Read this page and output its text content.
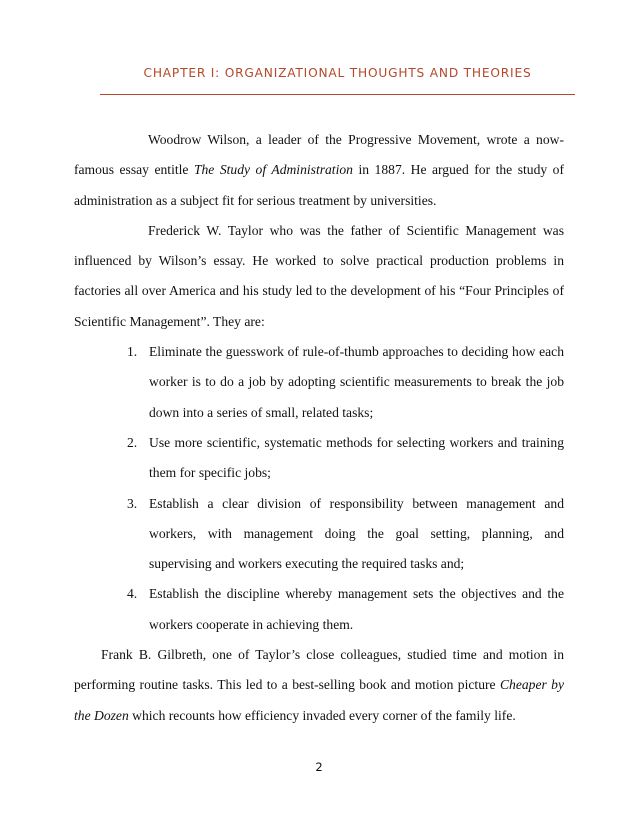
CHAPTER I: ORGANIZATIONAL THOUGHTS AND THEORIES

Woodrow Wilson, a leader of the Progressive Movement, wrote a now-famous essay entitle The Study of Administration in 1887. He argued for the study of administration as a subject fit for serious treatment by universities.

Frederick W. Taylor who was the father of Scientific Management was influenced by Wilson’s essay. He worked to solve practical production problems in factories all over America and his study led to the development of his “Four Principles of Scientific Management”. They are:

1. Eliminate the guesswork of rule-of-thumb approaches to deciding how each worker is to do a job by adopting scientific measurements to break the job down into a series of small, related tasks;
2. Use more scientific, systematic methods for selecting workers and training them for specific jobs;
3. Establish a clear division of responsibility between management and workers, with management doing the goal setting, planning, and supervising and workers executing the required tasks and;
4. Establish the discipline whereby management sets the objectives and the workers cooperate in achieving them.

Frank B. Gilbreth, one of Taylor’s close colleagues, studied time and motion in performing routine tasks. This led to a best-selling book and motion picture Cheaper by the Dozen which recounts how efficiency invaded every corner of the family life.

2
